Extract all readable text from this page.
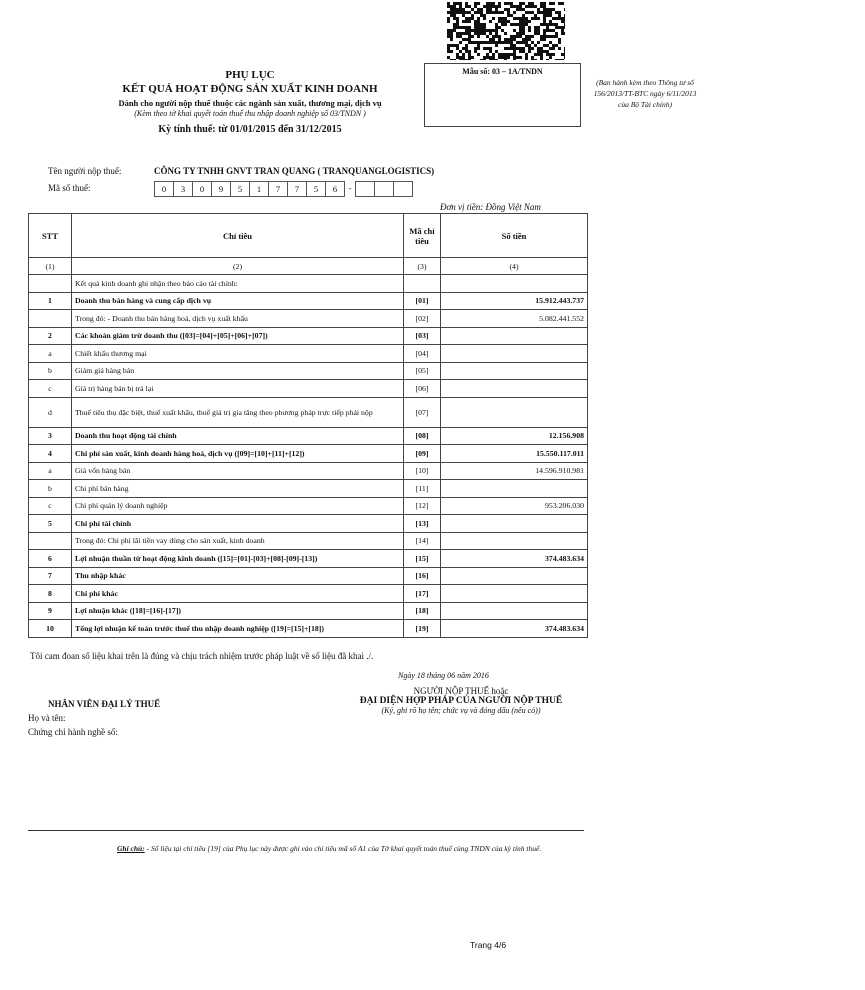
Mẫu số: 03 – 1A/TNDN
(Ban hành kèm theo Thông tư số
156/2013/TT-BTC ngày 6/11/2013
của Bộ Tài chính)
PHỤ LỤC
KẾT QUẢ HOẠT ĐỘNG SẢN XUẤT KINH DOANH
Dành cho người nộp thuế thuộc các ngành sản xuất, thương mại, dịch vụ
(Kèm theo tờ khai quyết toán thuế thu nhập doanh nghiệp số 03/TNDN )
Kỳ tính thuế: từ 01/01/2015 đến 31/12/2015
Tên người nộp thuế:	CÔNG TY TNHH GNVT TRAN QUANG ( TRANQUANGLOGISTICS)
Mã số thuế:	0	3	0	9	5	1	7	7	5	6	-
Đơn vị tiền: Đồng Việt Nam
STT	Chỉ tiêu	Mã chỉ tiêu	Số tiền
(1)	(2)	(3)	(4)
	Kết quả kinh doanh ghi nhận theo báo cáo tài chính:		
1	Doanh thu bán hàng và cung cấp dịch vụ	[01]	15.912.443.737
	Trong đó: - Doanh thu bán hàng hoá, dịch vụ xuất khẩu	[02]	5.082.441.552
2	Các khoản giảm trừ doanh thu ([03]=[04]+[05]+[06]+[07])	[03]	
a	Chiết khấu thương mại	[04]	
b	Giảm giá hàng bán	[05]	
c	Giá trị hàng bán bị trả lại	[06]	
d	Thuế tiêu thụ đặc biệt, thuế xuất khẩu, thuế giá trị gia tăng theo phương pháp trực tiếp phải nộp	[07]	
3	Doanh thu hoạt động tài chính	[08]	12.156.908
4	Chi phí sản xuất, kinh doanh hàng hoá, dịch vụ ([09]=[10]+[11]+[12])	[09]	15.550.117.011
a	Giá vốn hàng bán	[10]	14.596.910.981
b	Chi phí bán hàng	[11]	
c	Chi phí quản lý doanh nghiệp	[12]	953.206.030
5	Chi phí tài chính	[13]	
	Trong đó: Chi phí lãi tiền vay dùng cho sản xuất, kinh doanh	[14]	
6	Lợi nhuận thuần từ hoạt động kinh doanh ([15]=[01]-[03]+[08]-[09]-[13])	[15]	374.483.634
7	Thu nhập khác	[16]	
8	Chi phí khác	[17]	
9	Lợi nhuận khác ([18]=[16]-[17])	[18]	
10	Tổng lợi nhuận kế toán trước thuế thu nhập doanh nghiệp ([19]=[15]+[18])	[19]	374.483.634
Tôi cam đoan số liệu khai trên là đúng và chịu trách nhiệm trước pháp luật về số liệu đã khai ./.
Ngày 18 tháng 06 năm 2016
NGƯỜI NỘP THUẾ hoặc
ĐẠI DIỆN HỢP PHÁP CỦA NGƯỜI NỘP THUẾ
(Ký, ghi rõ họ tên; chức vụ và đóng dấu (nếu có))
NHÂN VIÊN ĐẠI LÝ THUẾ
Họ và tên:
Chứng chỉ hành nghề số:
Ghi chú: - Số liệu tại chỉ tiêu [19] của Phụ lục này được ghi vào chỉ tiêu mã số A1 của Tờ khai quyết toán thuế cùng TNDN của kỳ tính thuế.
Trang 4/6
